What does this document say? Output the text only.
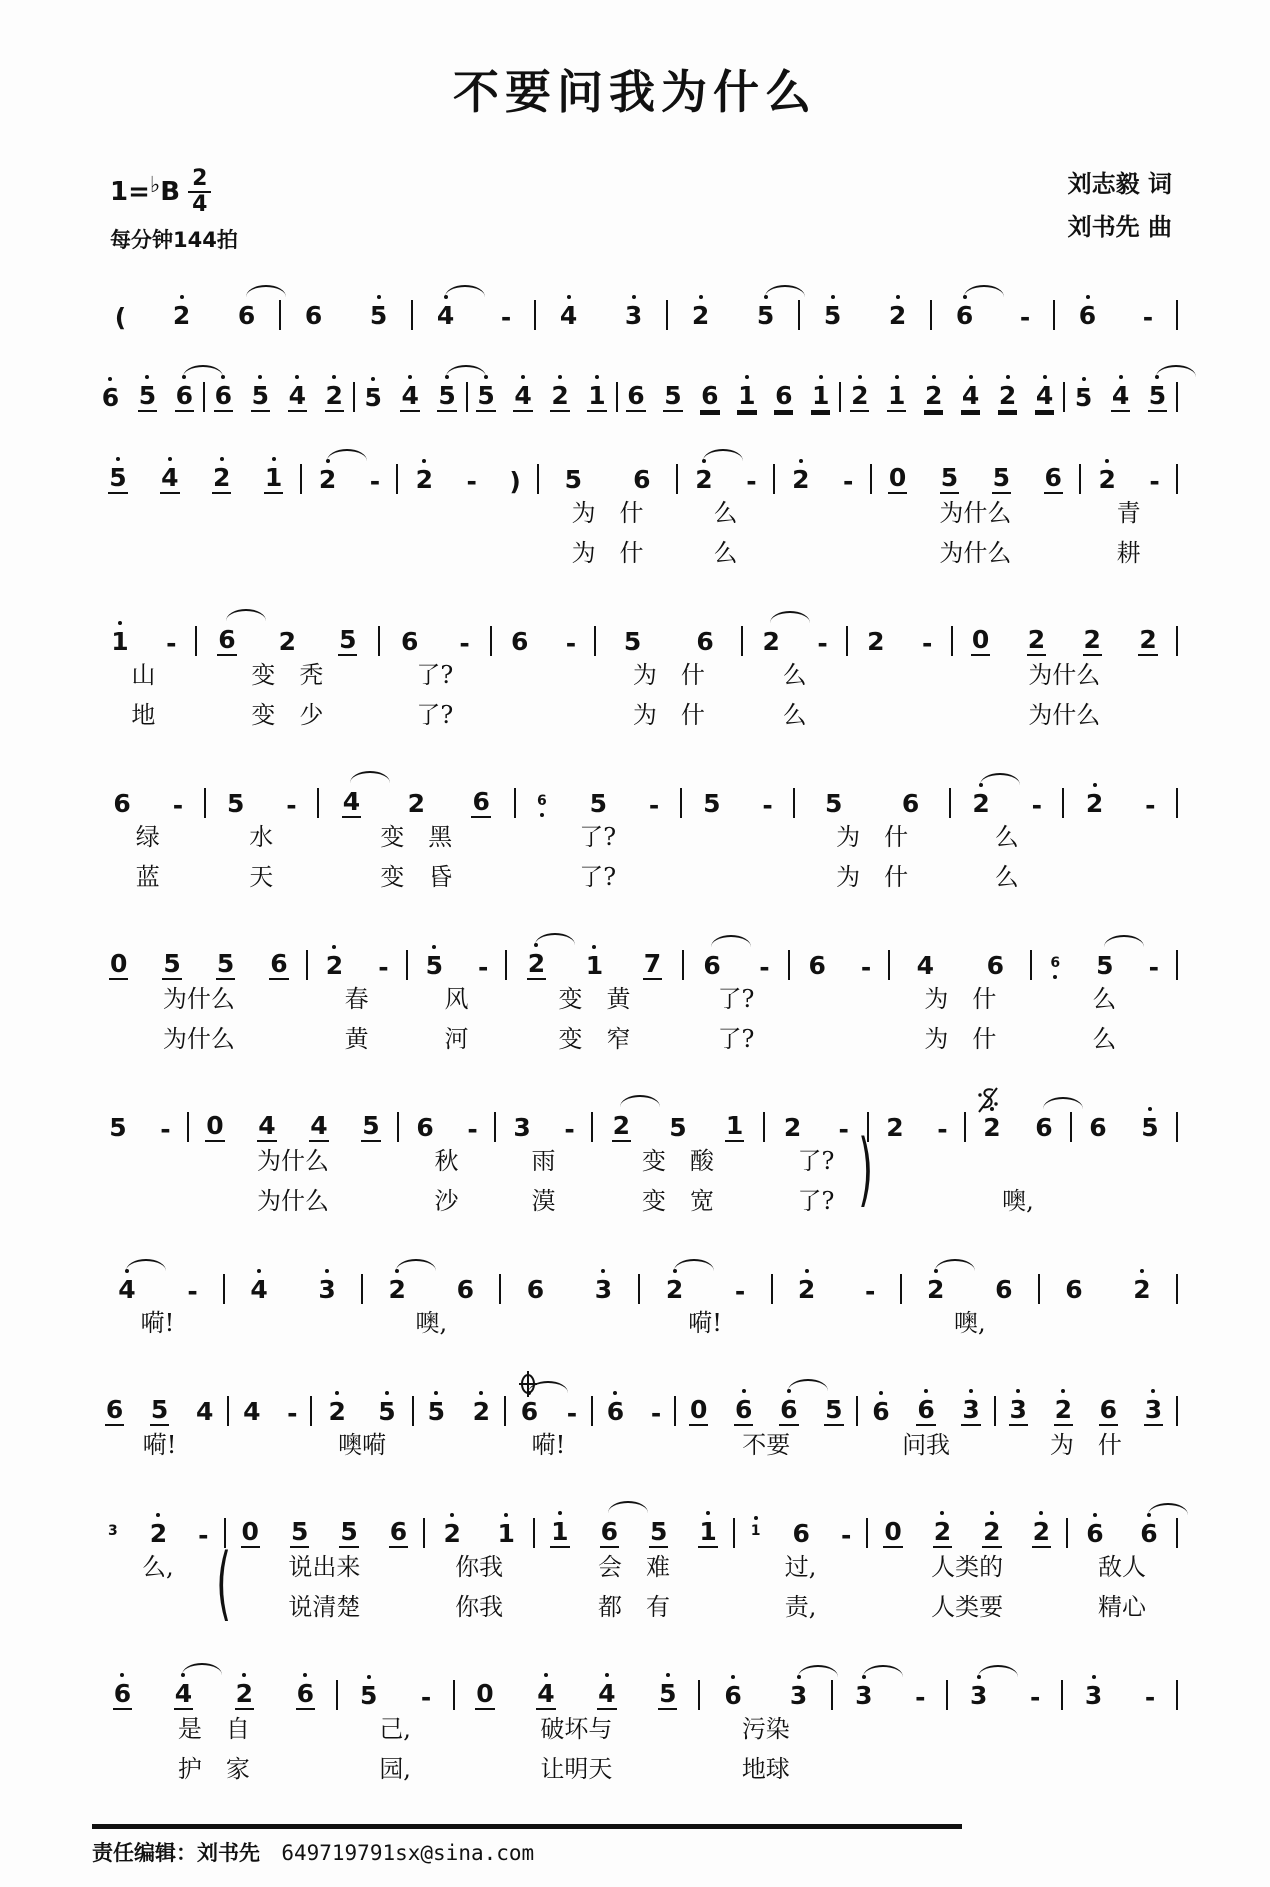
不要问我为什么
1= ♭ B $\frac{2}{4}$
每分钟144拍
刘志毅 词
刘书先 曲
( 2 6 6 5 4 - 4 3 2 5 5 2 6 - 6 -
6 5 6 6 5 4 2 5 4 5 5 4 2 1 6 5 6 1 6 1 2 1 2 4 2 4 5 4 5
5 4 2 1 2 - 2 - ) 5 6
为　什
为　什
2 -
么
么
2 - 0 5 5 6
为什么
为什么
2 -
青
耕
1 -
山
地
6 2 5
变　秃
变　少
6 -
了?
了?
6 - 5 6
为　什
为　什
2 -
么
么
2 - 0 2 2 2
为什么
为什么
6 -
绿
蓝
5 -
水
天
4 2 6
变　黑
变　昏
6 5 -
了?
了?
5 - 5 6
为　什
为　什
2 -
么
么
2 -
0 5 5 6
为什么
为什么
2 -
春
黄
5 -
风
河
2 1 7
变　黄
变　窄
6 -
了?
了?
6 - 4 6
为　什
为　什
6 5 -
么
么
5 - 0 4 4 5
为什么
为什么
6 -
秋
沙
3 -
雨
漠
2 5 1
变　酸
变　宽
2 -
了?
了? ) 2 - 2 6
噢,
6 5
4 -
嗬!
4 3 2 6
噢,
6 3 2 -
嗬!
2 - 2 6
噢,
6 2
6 5 4
嗬!
4 - 2 5
噢嗬
5 2 6 -
嗬!
6 - 0 6 6 5
不要
6 6 3
问我
3 2 6 3
为　什
3 2 -
么,
0 5 5 6
说出来
说清楚
(
2 1
你我
你我
1 6 5 1
会　难
都　有
1 6 -
过,
责,
0 2 2 2
人类的
人类要
6 6
敌人
精心
6 4 2 6
是　自
护　家
5 -
己,
园,
0 4 4 5
破坏与
让明天
6 3
污染
地球
3 - 3 - 3 -
责任编辑：刘书先 649719791sx@sina.com
